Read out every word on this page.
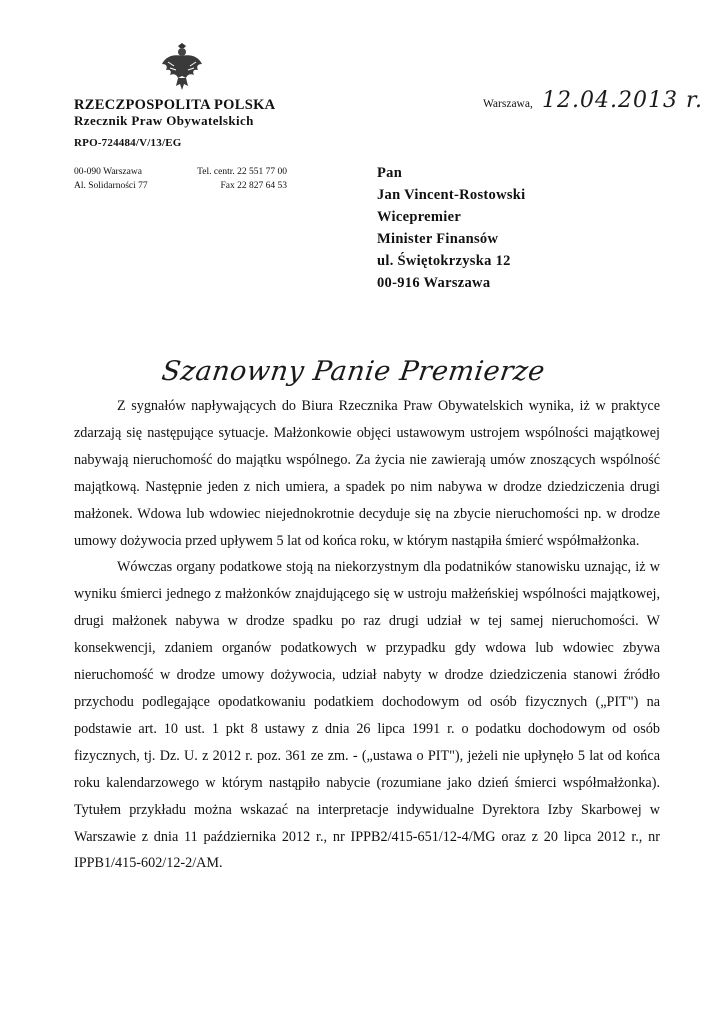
RZECZPOSPOLITA POLSKA
Rzecznik Praw Obywatelskich
RPO-724484/V/13/EG
00-090 Warszawa
Al. Solidarności 77
Tel. centr. 22 551 77 00
Fax 22 827 64 53
Warszawa, 12.04.2013 r.
Pan
Jan Vincent-Rostowski
Wicepremier
Minister Finansów
ul. Świętokrzyska 12
00-916 Warszawa
Szanowny Panie Premierze

Z sygnałów napływających do Biura Rzecznika Praw Obywatelskich wynika, iż w praktyce zdarzają się następujące sytuacje. Małżonkowie objęci ustawowym ustrojem wspólności majątkowej nabywają nieruchomość do majątku wspólnego. Za życia nie zawierają umów znoszących wspólność majątkową. Następnie jeden z nich umiera, a spadek po nim nabywa w drodze dziedziczenia drugi małżonek. Wdowa lub wdowiec niejednokrotnie decyduje się na zbycie nieruchomości np. w drodze umowy dożywocia przed upływem 5 lat od końca roku, w którym nastąpiła śmierć współmałżonka.

Wówczas organy podatkowe stoją na niekorzystnym dla podatników stanowisku uznając, iż w wyniku śmierci jednego z małżonków znajdującego się w ustroju małżeńskiej wspólności majątkowej, drugi małżonek nabywa w drodze spadku po raz drugi udział w tej samej nieruchomości. W konsekwencji, zdaniem organów podatkowych w przypadku gdy wdowa lub wdowiec zbywa nieruchomość w drodze umowy dożywocia, udział nabyty w drodze dziedziczenia stanowi źródło przychodu podlegające opodatkowaniu podatkiem dochodowym od osób fizycznych („PIT") na podstawie art. 10 ust. 1 pkt 8 ustawy z dnia 26 lipca 1991 r. o podatku dochodowym od osób fizycznych, tj. Dz. U. z 2012 r. poz. 361 ze zm. - („ustawa o PIT"), jeżeli nie upłynęło 5 lat od końca roku kalendarzowego w którym nastąpiło nabycie (rozumiane jako dzień śmierci współmałżonka). Tytułem przykładu można wskazać na interpretacje indywidualne Dyrektora Izby Skarbowej w Warszawie z dnia 11 października 2012 r., nr IPPB2/415-651/12-4/MG oraz z 20 lipca 2012 r., nr IPPB1/415-602/12-2/AM.
